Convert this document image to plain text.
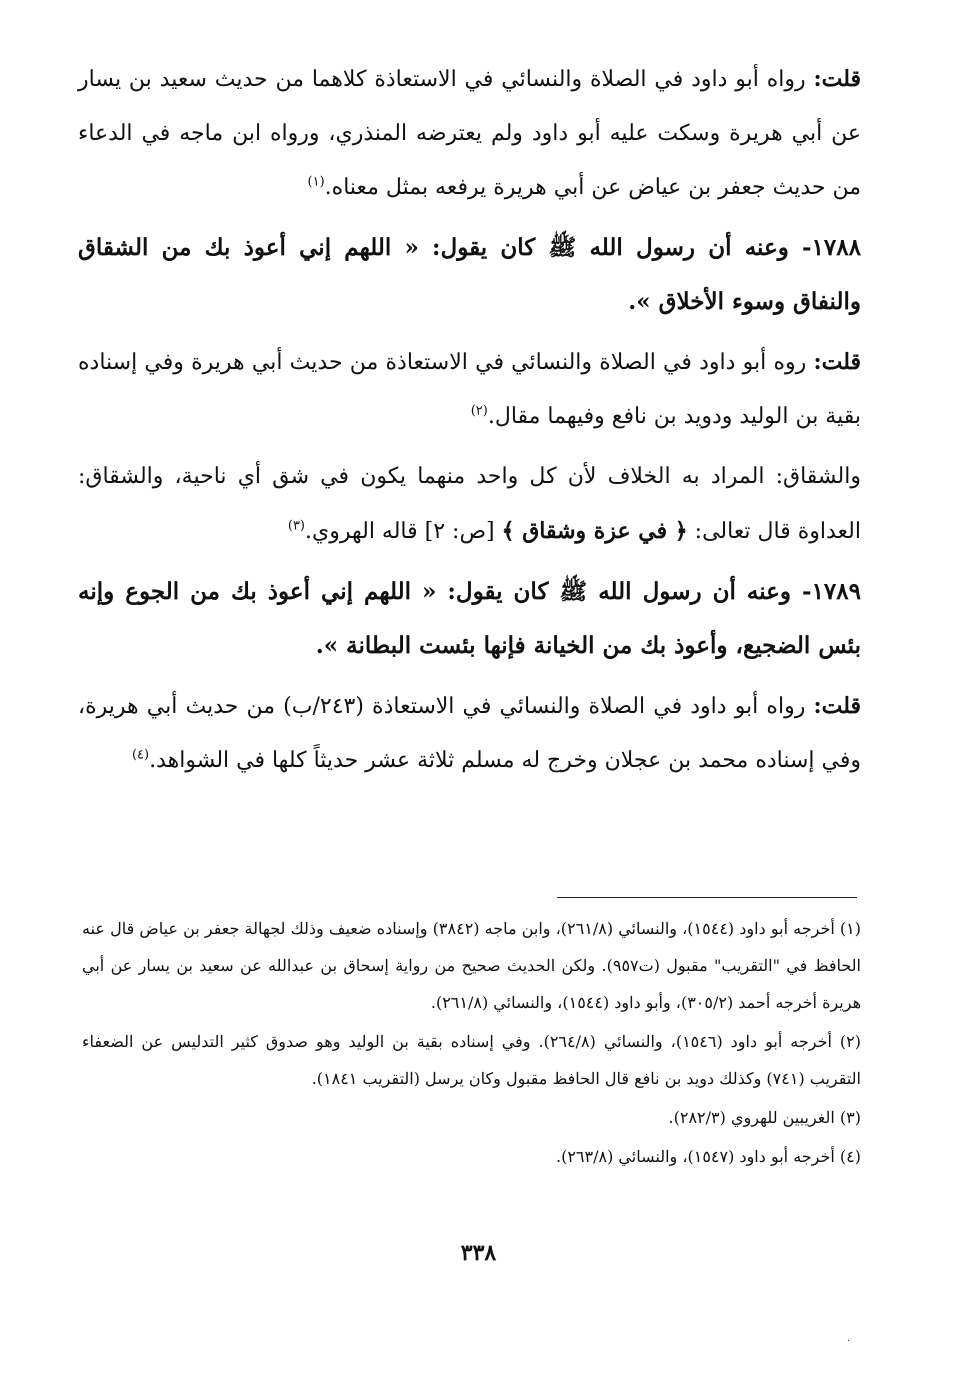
قلت: رواه أبو داود في الصلاة والنسائي في الاستعاذة كلاهما من حديث سعيد بن يسار عن أبي هريرة وسكت عليه أبو داود ولم يعترضه المنذري، ورواه ابن ماجه في الدعاء من حديث جعفر بن عياض عن أبي هريرة يرفعه بمثل معناه.$^{(١)}$

١٧٨٨- وعنه أن رسول الله ﷺ كان يقول: « اللهم إني أعوذ بك من الشقاق والنفاق وسوء الأخلاق ».

قلت: روه أبو داود في الصلاة والنسائي في الاستعاذة من حديث أبي هريرة وفي إسناده بقية بن الوليد ودويد بن نافع وفيهما مقال.$^{(٢)}$

والشقاق: المراد به الخلاف لأن كل واحد منهما يكون في شق أي ناحية، والشقاق: العداوة قال تعالى: ﴿ في عزة وشقاق ﴾ [ص: ٢] قاله الهروي.$^{(٣)}$

١٧٨٩- وعنه أن رسول الله ﷺ كان يقول: « اللهم إني أعوذ بك من الجوع وإنه بئس الضجيع، وأعوذ بك من الخيانة فإنها بئست البطانة ».

قلت: رواه أبو داود في الصلاة والنسائي في الاستعاذة (٢٤٣/ب) من حديث أبي هريرة، وفي إسناده محمد بن عجلان وخرج له مسلم ثلاثة عشر حديثاً كلها في الشواهد.$^{(٤)}$

(١) أخرجه أبو داود (١٥٤٤)، والنسائي (٢٦١/٨)، وابن ماجه (٣٨٤٢) وإسناده ضعيف وذلك لجهالة جعفر بن عياض قال عنه الحافظ في "التقريب" مقبول (ت٩٥٧). ولكن الحديث صحيح من رواية إسحاق بن عبدالله عن سعيد بن يسار عن أبي هريرة أخرجه أحمد (٣٠٥/٢)، وأبو داود (١٥٤٤)، والنسائي (٢٦١/٨).

(٢) أخرجه أبو داود (١٥٤٦)، والنسائي (٢٦٤/٨). وفي إسناده بقية بن الوليد وهو صدوق كثير التدليس عن الضعفاء التقريب (٧٤١) وكذلك دويد بن نافع قال الحافظ مقبول وكان يرسل (التقريب ١٨٤١).

(٣) الغريبين للهروي (٢٨٢/٣).

(٤) أخرجه أبو داود (١٥٤٧)، والنسائي (٢٦٣/٨).

٣٣٨
·
